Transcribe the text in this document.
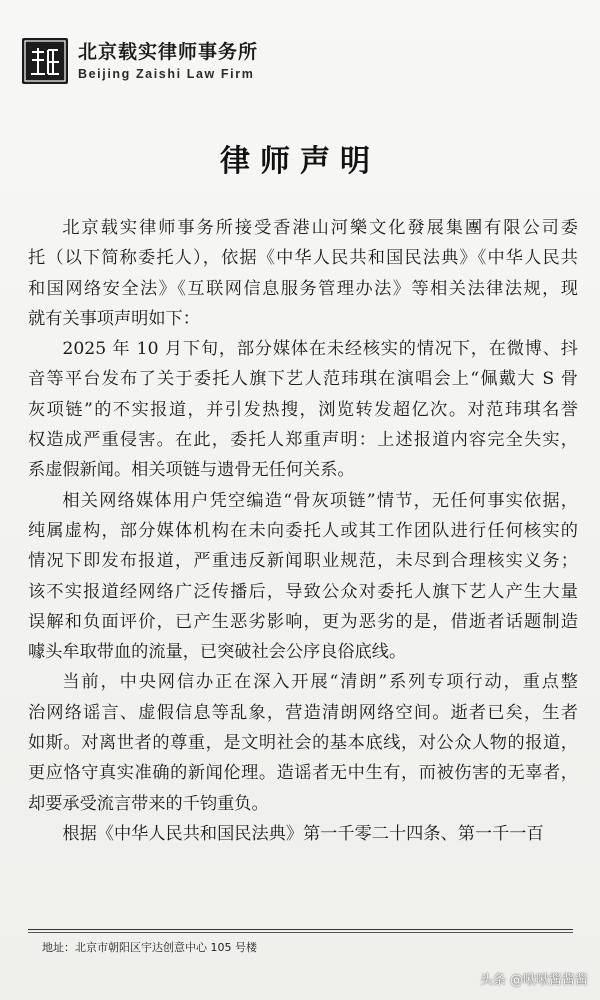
北京载实律师事务所
Beijing Zaishi Law Firm
律师声明

北京载实律师事务所接受香港山河樂文化發展集團有限公司委
托（以下简称委托人），依据《中华人民共和国民法典》《中华人民共
和国网络安全法》《互联网信息服务管理办法》等相关法律法规，现
就有关事项声明如下：

2025 年 10 月下旬，部分媒体在未经核实的情况下，在微博、抖
音等平台发布了关于委托人旗下艺人范玮琪在演唱会上“佩戴大 S 骨
灰项链”的不实报道，并引发热搜，浏览转发超亿次。对范玮琪名誉
权造成严重侵害。在此，委托人郑重声明：上述报道内容完全失实，
系虚假新闻。相关项链与遗骨无任何关系。

相关网络媒体用户凭空编造“骨灰项链”情节，无任何事实依据，
纯属虚构，部分媒体机构在未向委托人或其工作团队进行任何核实的
情况下即发布报道，严重违反新闻职业规范，未尽到合理核实义务；
该不实报道经网络广泛传播后，导致公众对委托人旗下艺人产生大量
误解和负面评价，已产生恶劣影响，更为恶劣的是，借逝者话题制造
噱头牟取带血的流量，已突破社会公序良俗底线。

当前，中央网信办正在深入开展“清朗”系列专项行动，重点整
治网络谣言、虚假信息等乱象，营造清朗网络空间。逝者已矣，生者
如斯。对离世者的尊重，是文明社会的基本底线，对公众人物的报道，
更应恪守真实准确的新闻伦理。造谣者无中生有，而被伤害的无辜者，
却要承受流言带来的千钧重负。

根据《中华人民共和国民法典》第一千零二十四条、第一千一百

地址：北京市朝阳区宇达创意中心 105 号楼
头条 @啾啾酱酱酱
